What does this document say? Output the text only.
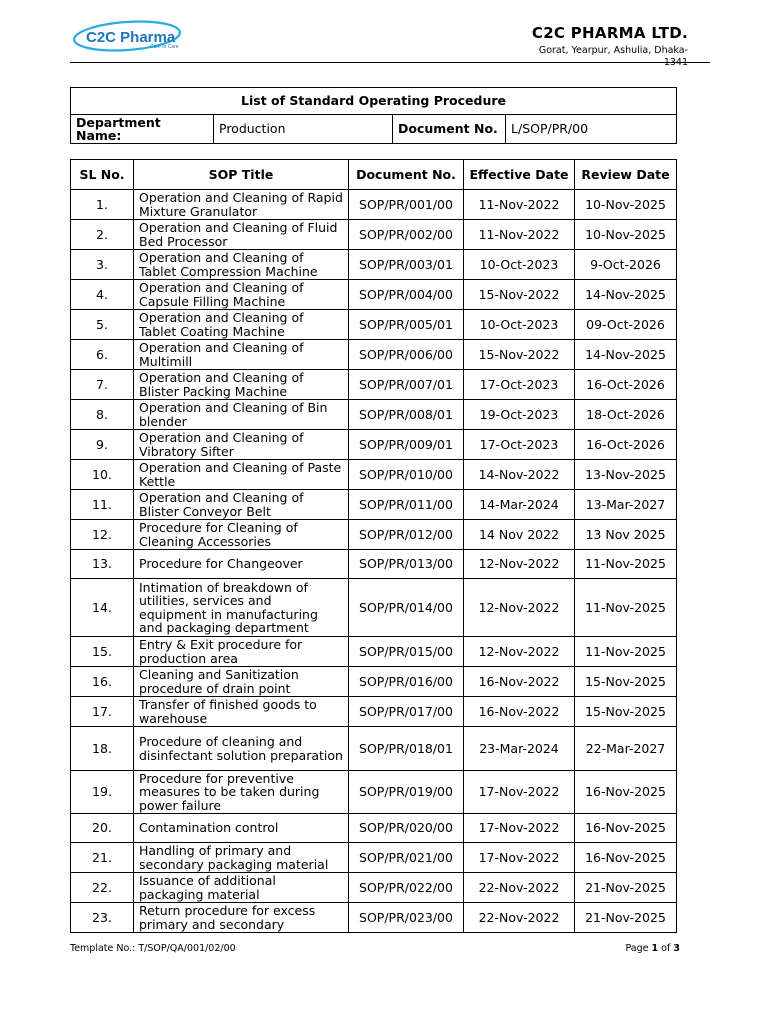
C2C Pharma
Care to Care
C2C PHARMA LTD.
Gorat, Yearpur, Ashulia, Dhaka-
List of Standard Operating Procedure
Department Name:	Production	Document No.	L/SOP/PR/00
SL No.	SOP Title	Document No.	Effective Date	Review Date
1.	Operation and Cleaning of Rapid Mixture Granulator	SOP/PR/001/00	11-Nov-2022	10-Nov-2025
2.	Operation and Cleaning of Fluid Bed Processor	SOP/PR/002/00	11-Nov-2022	10-Nov-2025
3.	Operation and Cleaning of Tablet Compression Machine	SOP/PR/003/01	10-Oct-2023	9-Oct-2026
4.	Operation and Cleaning of Capsule Filling Machine	SOP/PR/004/00	15-Nov-2022	14-Nov-2025
5.	Operation and Cleaning of Tablet Coating Machine	SOP/PR/005/01	10-Oct-2023	09-Oct-2026
6.	Operation and Cleaning of Multimill	SOP/PR/006/00	15-Nov-2022	14-Nov-2025
7.	Operation and Cleaning of Blister Packing Machine	SOP/PR/007/01	17-Oct-2023	16-Oct-2026
8.	Operation and Cleaning of Bin blender	SOP/PR/008/01	19-Oct-2023	18-Oct-2026
9.	Operation and Cleaning of Vibratory Sifter	SOP/PR/009/01	17-Oct-2023	16-Oct-2026
10.	Operation and Cleaning of Paste Kettle	SOP/PR/010/00	14-Nov-2022	13-Nov-2025
11.	Operation and Cleaning of Blister Conveyor Belt	SOP/PR/011/00	14-Mar-2024	13-Mar-2027
12.	Procedure for Cleaning of Cleaning Accessories	SOP/PR/012/00	14 Nov 2022	13 Nov 2025
13.	Procedure for Changeover	SOP/PR/013/00	12-Nov-2022	11-Nov-2025
14.	Intimation of breakdown of utilities, services and equipment in manufacturing and packaging department	SOP/PR/014/00	12-Nov-2022	11-Nov-2025
15.	Entry & Exit procedure for production area	SOP/PR/015/00	12-Nov-2022	11-Nov-2025
16.	Cleaning and Sanitization procedure of drain point	SOP/PR/016/00	16-Nov-2022	15-Nov-2025
17.	Transfer of finished goods to warehouse	SOP/PR/017/00	16-Nov-2022	15-Nov-2025
18.	Procedure of cleaning and disinfectant solution preparation	SOP/PR/018/01	23-Mar-2024	22-Mar-2027
19.	Procedure for preventive measures to be taken during power failure	SOP/PR/019/00	17-Nov-2022	16-Nov-2025
20.	Contamination control	SOP/PR/020/00	17-Nov-2022	16-Nov-2025
21.	Handling of primary and secondary packaging material	SOP/PR/021/00	17-Nov-2022	16-Nov-2025
22.	Issuance of additional packaging material	SOP/PR/022/00	22-Nov-2022	21-Nov-2025
23.	Return procedure for excess primary and secondary	SOP/PR/023/00	22-Nov-2022	21-Nov-2025
Template No.: T/SOP/QA/001/02/00	Page 1 of 3
